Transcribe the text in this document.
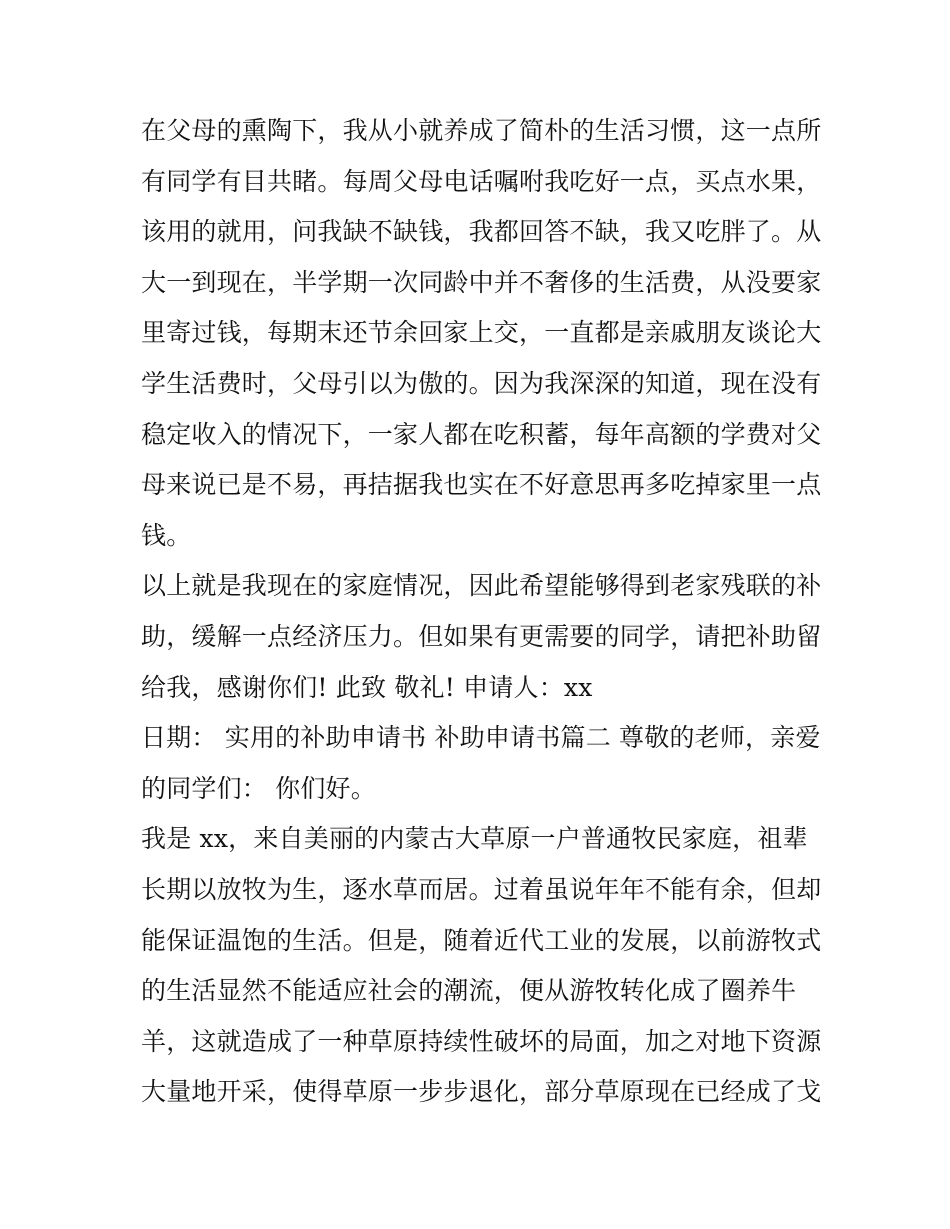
在父母的熏陶下，我从小就养成了简朴的生活习惯，这一点所
有同学有目共睹。每周父母电话嘱咐我吃好一点，买点水果，
该用的就用，问我缺不缺钱，我都回答不缺，我又吃胖了。从
大一到现在，半学期一次同龄中并不奢侈的生活费，从没要家
里寄过钱，每期末还节余回家上交，一直都是亲戚朋友谈论大
学生活费时，父母引以为傲的。因为我深深的知道，现在没有
稳定收入的情况下，一家人都在吃积蓄，每年高额的学费对父
母来说已是不易，再拮据我也实在不好意思再多吃掉家里一点
钱。
以上就是我现在的家庭情况，因此希望能够得到老家残联的补
助，缓解一点经济压力。但如果有更需要的同学，请把补助留
给我，感谢你们! 此致 敬礼! 申请人：xx
日期： 实用的补助申请书 补助申请书篇二 尊敬的老师，亲爱
的同学们： 你们好。
我是 xx，来自美丽的内蒙古大草原一户普通牧民家庭，祖辈
长期以放牧为生，逐水草而居。过着虽说年年不能有余，但却
能保证温饱的生活。但是，随着近代工业的发展，以前游牧式
的生活显然不能适应社会的潮流，便从游牧转化成了圈养牛
羊，这就造成了一种草原持续性破坏的局面，加之对地下资源
大量地开采，使得草原一步步退化，部分草原现在已经成了戈
